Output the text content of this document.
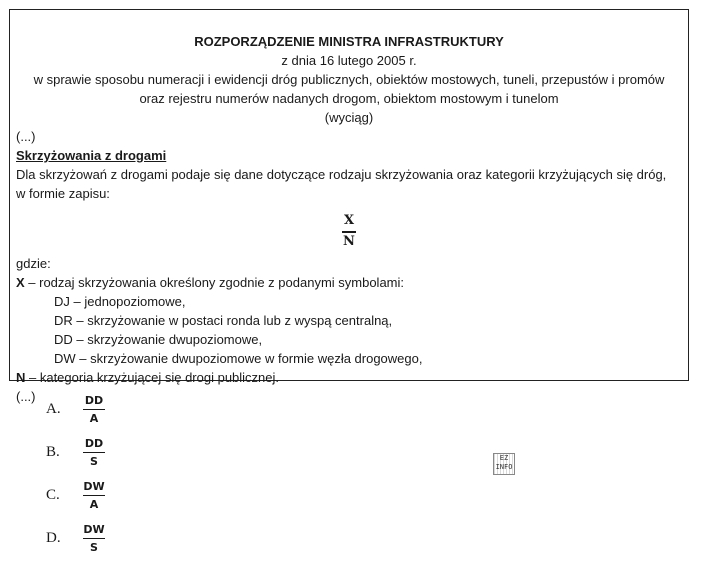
ROZPORZĄDZENIE MINISTRA INFRASTRUKTURY
z dnia 16 lutego 2005 r.
w sprawie sposobu numeracji i ewidencji dróg publicznych, obiektów mostowych, tuneli, przepustów i promów
oraz rejestru numerów nadanych drogom, obiektom mostowym i tunelom
(wyciąg)
(...)
Skrzyżowania z drogami
Dla skrzyżowań z drogami podaje się dane dotyczące rodzaju skrzyżowania oraz kategorii krzyżujących się dróg,
w formie zapisu:
X
N
gdzie:
X – rodzaj skrzyżowania określony zgodnie z podanymi symbolami:
DJ – jednopoziomowe,
DR – skrzyżowanie w postaci ronda lub z wyspą centralną,
DD – skrzyżowanie dwupoziomowe,
DW – skrzyżowanie dwupoziomowe w formie węzła drogowego,
N – kategoria krzyżującej się drogi publicznej.
(...)
A.	$\frac{DD}{A}$
B.	$\frac{DD}{S}$
C.	$\frac{DW}{A}$
D.	$\frac{DW}{S}$
EZ
INFO
